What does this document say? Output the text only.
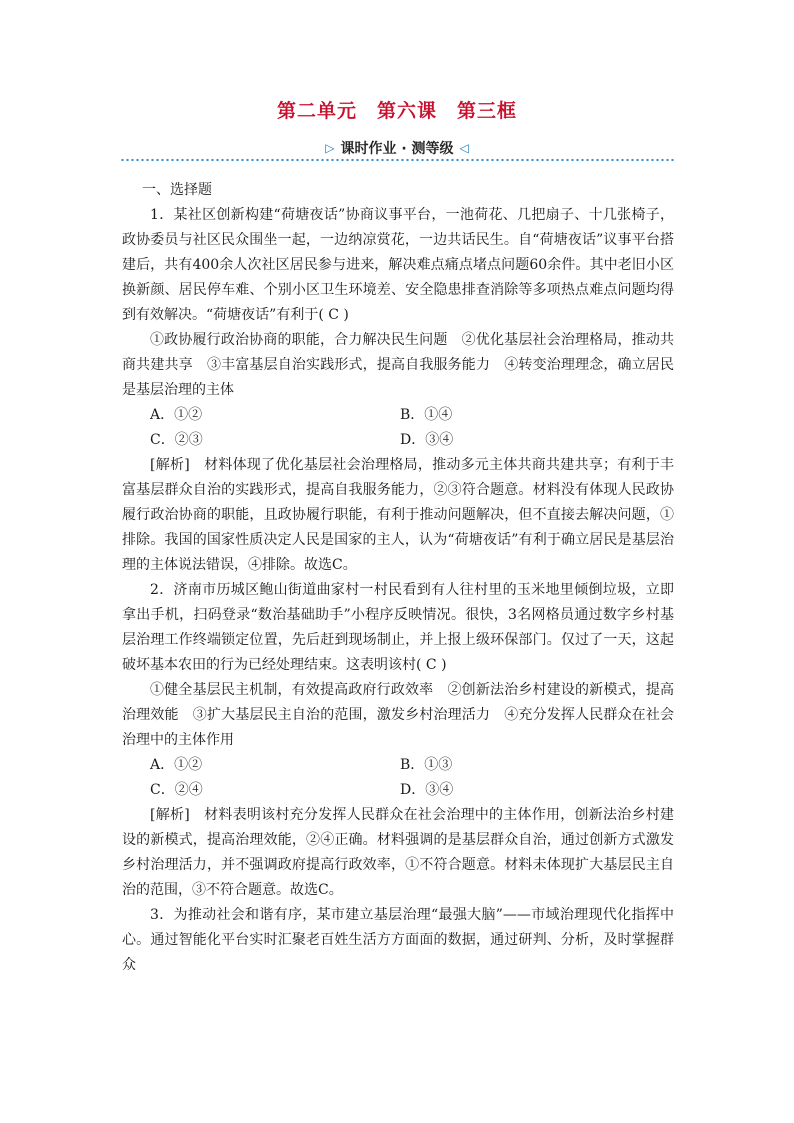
第二单元　第六课　第三框
▷ 课时作业 · 测等级 ◁

一、选择题

1．某社区创新构建“荷塘夜话”协商议事平台，一池荷花、几把扇子、十几张椅子，政协委员与社区民众围坐一起，一边纳凉赏花，一边共话民生。自“荷塘夜话”议事平台搭建后，共有400余人次社区居民参与进来，解决难点痛点堵点问题60余件。其中老旧小区换新颜、居民停车难、个别小区卫生环境差、安全隐患排查消除等多项热点难点问题均得到有效解决。“荷塘夜话”有利于( C )

①政协履行政治协商的职能，合力解决民生问题　②优化基层社会治理格局，推动共商共建共享　③丰富基层自治实践形式，提高自我服务能力　④转变治理理念，确立居民是基层治理的主体

A．①②	B．①④
C．②③	D．③④

[解析]　材料体现了优化基层社会治理格局，推动多元主体共商共建共享；有利于丰富基层群众自治的实践形式，提高自我服务能力，②③符合题意。材料没有体现人民政协履行政治协商的职能，且政协履行职能，有利于推动问题解决，但不直接去解决问题，①排除。我国的国家性质决定人民是国家的主人，认为“荷塘夜话”有利于确立居民是基层治理的主体说法错误，④排除。故选C。

2．济南市历城区鲍山街道曲家村一村民看到有人往村里的玉米地里倾倒垃圾，立即拿出手机，扫码登录“数治基础助手”小程序反映情况。很快，3名网格员通过数字乡村基层治理工作终端锁定位置，先后赶到现场制止，并上报上级环保部门。仅过了一天，这起破坏基本农田的行为已经处理结束。这表明该村( C )

①健全基层民主机制，有效提高政府行政效率　②创新法治乡村建设的新模式，提高治理效能　③扩大基层民主自治的范围，激发乡村治理活力　④充分发挥人民群众在社会治理中的主体作用

A．①②	B．①③
C．②④	D．③④

[解析]　材料表明该村充分发挥人民群众在社会治理中的主体作用，创新法治乡村建设的新模式，提高治理效能，②④正确。材料强调的是基层群众自治，通过创新方式激发乡村治理活力，并不强调政府提高行政效率，①不符合题意。材料未体现扩大基层民主自治的范围，③不符合题意。故选C。

3．为推动社会和谐有序，某市建立基层治理“最强大脑”——市域治理现代化指挥中心。通过智能化平台实时汇聚老百姓生活方方面面的数据，通过研判、分析，及时掌握群众
